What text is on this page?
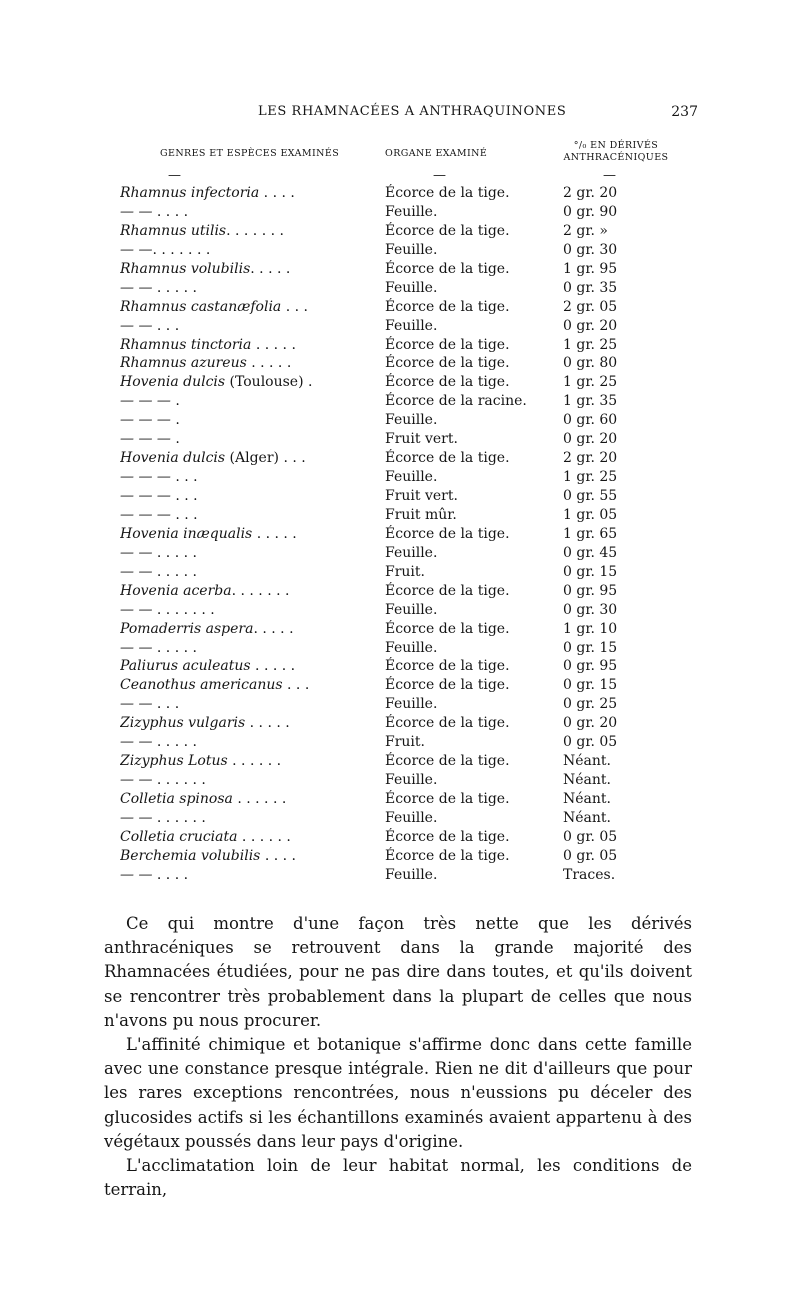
LES RHAMNACÉES A ANTHRAQUINONES	237
GENRES ET ESPÈCES EXAMINÉS	ORGANE EXAMINÉ
°/₀ EN DÉRIVÉS
ANTHRACÉNIQUES
—	—	—
Rhamnus infectoria . . . .	Écorce de la tige.	2 gr. 20
— — . . . .	Feuille.	0 gr. 90
Rhamnus utilis. . . . . . .	Écorce de la tige.	2 gr. »
— —. . . . . . .	Feuille.	0 gr. 30
Rhamnus volubilis. . . . .	Écorce de la tige.	1 gr. 95
— — . . . . .	Feuille.	0 gr. 35
Rhamnus castanæfolia . . .	Écorce de la tige.	2 gr. 05
— — . . .	Feuille.	0 gr. 20
Rhamnus tinctoria . . . . .	Écorce de la tige.	1 gr. 25
Rhamnus azureus . . . . .	Écorce de la tige.	0 gr. 80
Hovenia dulcis (Toulouse) .	Écorce de la tige.	1 gr. 25
— — — .	Écorce de la racine.	1 gr. 35
— — — .	Feuille.	0 gr. 60
— — — .	Fruit vert.	0 gr. 20
Hovenia dulcis (Alger) . . .	Écorce de la tige.	2 gr. 20
— — — . . .	Feuille.	1 gr. 25
— — — . . .	Fruit vert.	0 gr. 55
— — — . . .	Fruit mûr.	1 gr. 05
Hovenia inæqualis . . . . .	Écorce de la tige.	1 gr. 65
— — . . . . .	Feuille.	0 gr. 45
— — . . . . .	Fruit.	0 gr. 15
Hovenia acerba. . . . . . .	Écorce de la tige.	0 gr. 95
— — . . . . . . .	Feuille.	0 gr. 30
Pomaderris aspera. . . . .	Écorce de la tige.	1 gr. 10
— — . . . . .	Feuille.	0 gr. 15
Paliurus aculeatus . . . . .	Écorce de la tige.	0 gr. 95
Ceanothus americanus . . .	Écorce de la tige.	0 gr. 15
— — . . .	Feuille.	0 gr. 25
Zizyphus vulgaris . . . . .	Écorce de la tige.	0 gr. 20
— — . . . . .	Fruit.	0 gr. 05
Zizyphus Lotus . . . . . .	Écorce de la tige.	Néant.
— — . . . . . .	Feuille.	Néant.
Colletia spinosa . . . . . .	Écorce de la tige.	Néant.
— — . . . . . .	Feuille.	Néant.
Colletia cruciata . . . . . .	Écorce de la tige.	0 gr. 05
Berchemia volubilis . . . .	Écorce de la tige.	0 gr. 05
— — . . . .	Feuille.	Traces.

Ce qui montre d'une façon très nette que les dérivés anthracéniques se retrouvent dans la grande majorité des Rhamnacées étudiées, pour ne pas dire dans toutes, et qu'ils doivent se rencontrer très probablement dans la plupart de celles que nous n'avons pu nous procurer.

L'affinité chimique et botanique s'affirme donc dans cette famille avec une constance presque intégrale. Rien ne dit d'ailleurs que pour les rares exceptions rencontrées, nous n'eussions pu déceler des glucosides actifs si les échantillons examinés avaient appartenu à des végétaux poussés dans leur pays d'origine.

L'acclimatation loin de leur habitat normal, les conditions de terrain,
